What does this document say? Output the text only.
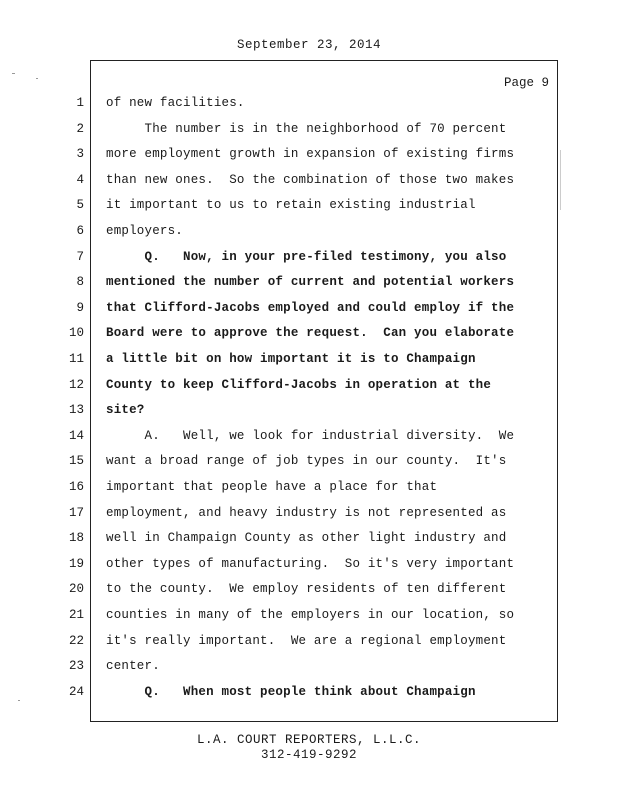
September 23, 2014
Page 9
1 of new facilities.
2 The number is in the neighborhood of 70 percent
3 more employment growth in expansion of existing firms
4 than new ones.  So the combination of those two makes
5 it important to us to retain existing industrial
6 employers.
7 Q.   Now, in your pre-filed testimony, you also
8 mentioned the number of current and potential workers
9 that Clifford-Jacobs employed and could employ if the
10 Board were to approve the request.  Can you elaborate
11 a little bit on how important it is to Champaign
12 County to keep Clifford-Jacobs in operation at the
13 site?
14 A.   Well, we look for industrial diversity.  We
15 want a broad range of job types in our county.  It's
16 important that people have a place for that
17 employment, and heavy industry is not represented as
18 well in Champaign County as other light industry and
19 other types of manufacturing.  So it's very important
20 to the county.  We employ residents of ten different
21 counties in many of the employers in our location, so
22 it's really important.  We are a regional employment
23 center.
24 Q.   When most people think about Champaign
L.A. COURT REPORTERS, L.L.C.
312-419-9292
